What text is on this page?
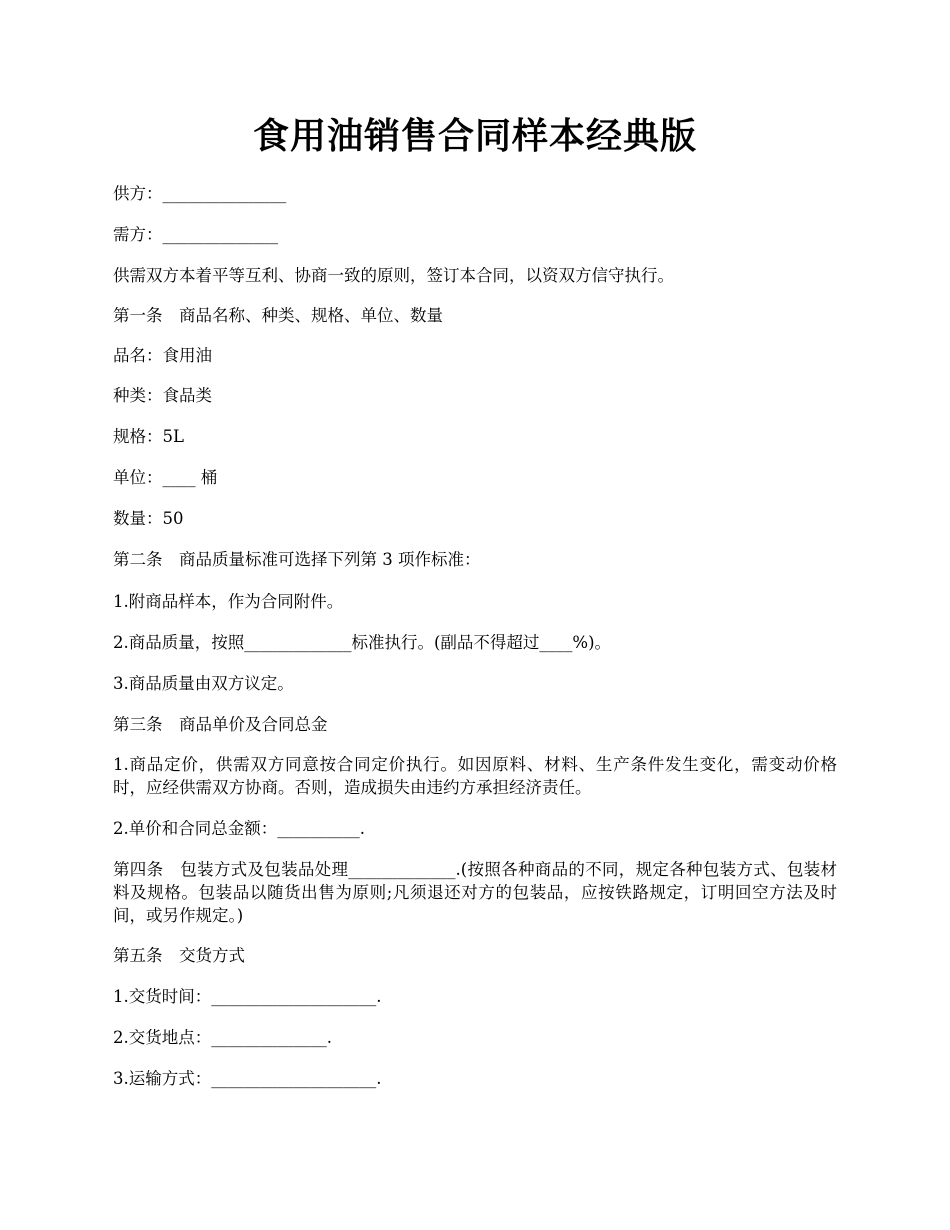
食用油销售合同样本经典版

供方：_______________

需方：______________

供需双方本着平等互利、协商一致的原则，签订本合同，以资双方信守执行。

第一条　商品名称、种类、规格、单位、数量

品名：食用油

种类：食品类

规格：5L

单位：____ 桶

数量：50

第二条　商品质量标准可选择下列第 3 项作标准：

1.附商品样本，作为合同附件。

2.商品质量，按照_____________标准执行。(副品不得超过____%)。

3.商品质量由双方议定。

第三条　商品单价及合同总金

1.商品定价，供需双方同意按合同定价执行。如因原料、材料、生产条件发生变化，需变动价格时，应经供需双方协商。否则，造成损失由违约方承担经济责任。

2.单价和合同总金额：__________.

第四条　包装方式及包装品处理_____________.(按照各种商品的不同，规定各种包装方式、包装材料及规格。包装品以随货出售为原则;凡须退还对方的包装品，应按铁路规定，订明回空方法及时间，或另作规定。)

第五条　交货方式

1.交货时间：____________________.

2.交货地点：______________.

3.运输方式：____________________.
